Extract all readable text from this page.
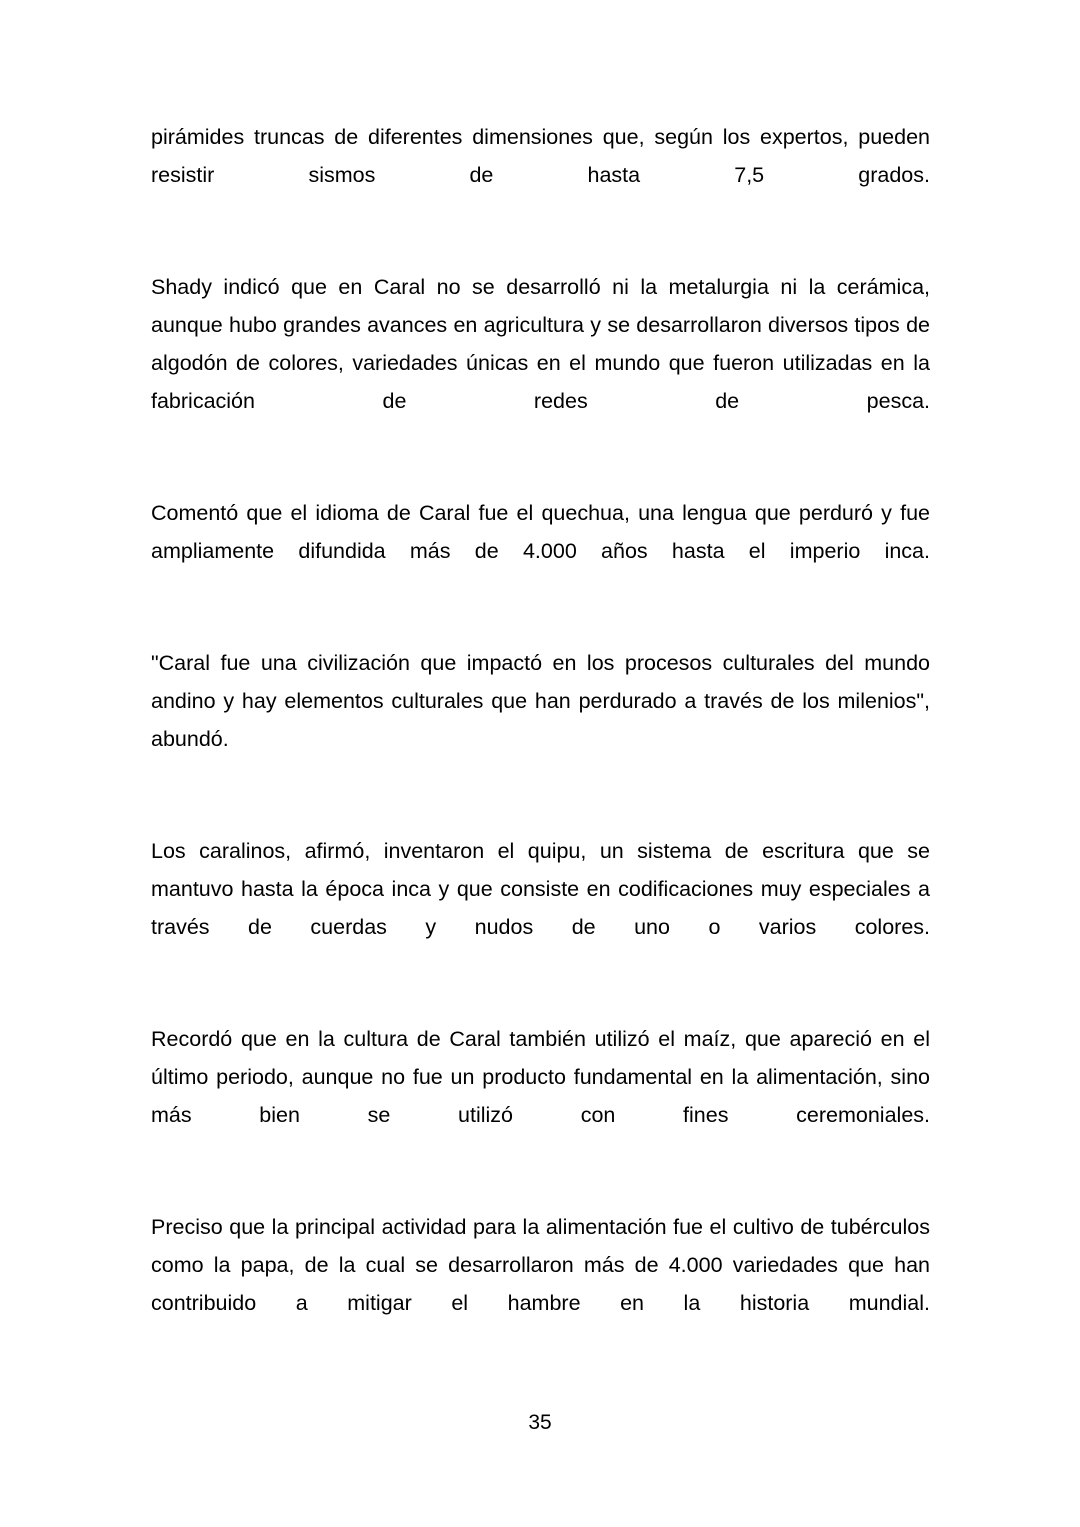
pirámides truncas de diferentes dimensiones que, según los expertos, pueden resistir sismos de hasta 7,5 grados.

Shady indicó que en Caral no se desarrolló ni la metalurgia ni la cerámica, aunque hubo grandes avances en agricultura y se desarrollaron diversos tipos de algodón de colores, variedades únicas en el mundo que fueron utilizadas en la fabricación de redes de pesca.

Comentó que el idioma de Caral fue el quechua, una lengua que perduró y fue ampliamente difundida más de 4.000 años hasta el imperio inca.

"Caral fue una civilización que impactó en los procesos culturales del mundo andino y hay elementos culturales que han perdurado a través de los milenios", abundó.

Los caralinos, afirmó, inventaron el quipu, un sistema de escritura que se mantuvo hasta la época inca y que consiste en codificaciones muy especiales a través de cuerdas y nudos de uno o varios colores.

Recordó que en la cultura de Caral también utilizó el maíz, que apareció en el último periodo, aunque no fue un producto fundamental en la alimentación, sino más bien se utilizó con fines ceremoniales.

Preciso que la principal actividad para la alimentación fue el cultivo de tubérculos como la papa, de la cual se desarrollaron más de 4.000 variedades que han contribuido a mitigar el hambre en la historia mundial.

35
